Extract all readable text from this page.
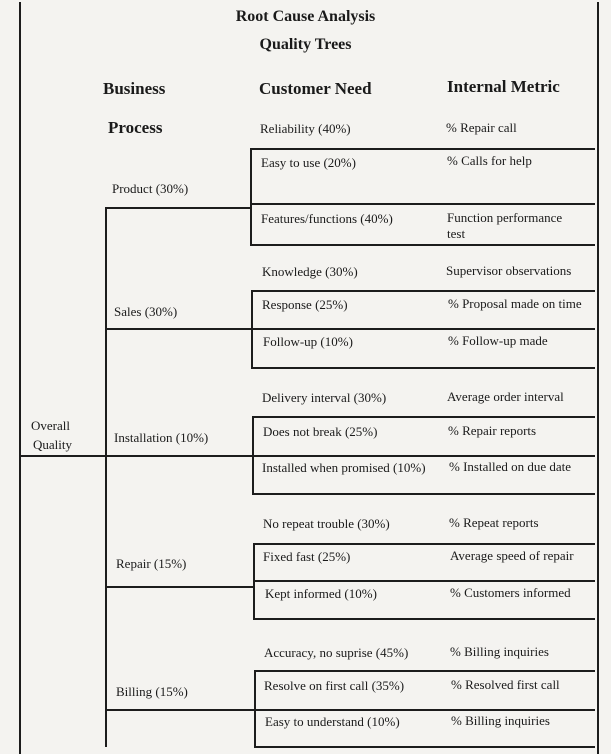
Root Cause Analysis
Quality Trees
Business
Process
Customer Need	Internal Metric
Overall
Quality
Product (30%)
Sales (30%)
Installation (10%)
Repair (15%)
Billing (15%)
Reliability (40%)
Easy to use (20%)
Features/functions (40%)
Knowledge (30%)
Response (25%)
Follow-up (10%)
Delivery interval (30%)
Does not break (25%)
Installed when promised (10%)
No repeat trouble (30%)
Fixed fast (25%)
Kept informed (10%)
Accuracy, no suprise (45%)
Resolve on first call (35%)
Easy to understand (10%)
% Repair call
% Calls for help
Function performance test
Supervisor observations
% Proposal made on time
% Follow-up made
Average order interval
% Repair reports
% Installed on due date
% Repeat reports
Average speed of repair
% Customers informed
% Billing inquiries
% Resolved first call
% Billing inquiries
